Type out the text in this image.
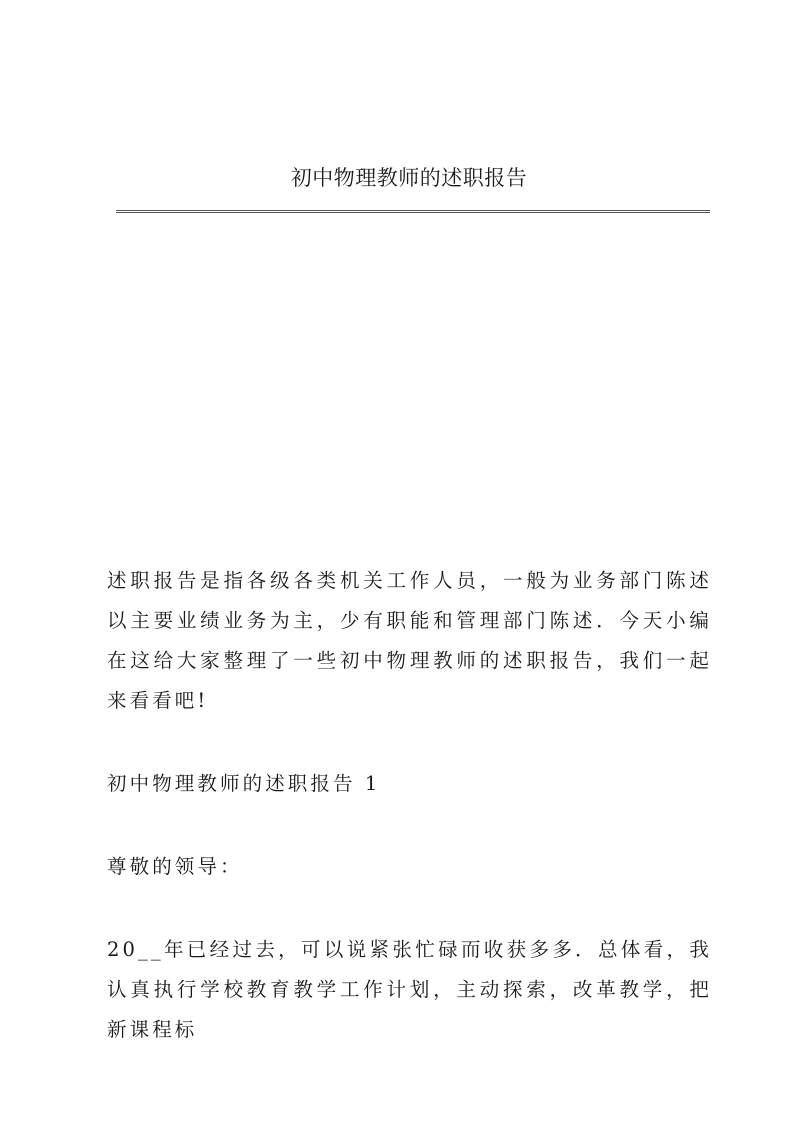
初中物理教师的述职报告

述职报告是指各级各类机关工作人员，一般为业务部门陈述以主要业绩业务为主，少有职能和管理部门陈述．今天小编在这给大家整理了一些初中物理教师的述职报告，我们一起来看看吧!

初中物理教师的述职报告 1

尊敬的领导：

20__年已经过去，可以说紧张忙碌而收获多多．总体看，我认真执行学校教育教学工作计划，主动探索，改革教学，把新课程标
